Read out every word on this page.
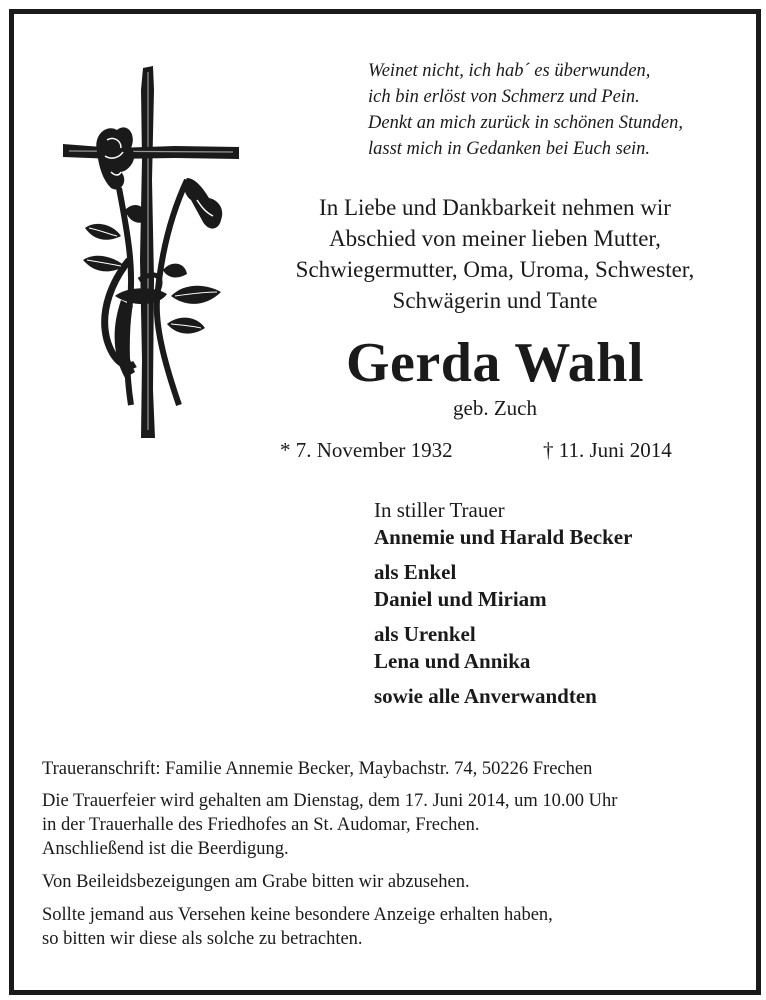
Weinet nicht, ich hab´ es überwunden,
ich bin erlöst von Schmerz und Pein.
Denkt an mich zurück in schönen Stunden,
lasst mich in Gedanken bei Euch sein.
In Liebe und Dankbarkeit nehmen wir
Abschied von meiner lieben Mutter,
Schwiegermutter, Oma, Uroma, Schwester,
Schwägerin und Tante
Gerda Wahl
geb. Zuch
* 7. November 1932	† 11. Juni 2014
In stiller Trauer
Annemie und Harald Becker
als Enkel
Daniel und Miriam
als Urenkel
Lena und Annika
sowie alle Anverwandten

Traueranschrift: Familie Annemie Becker, Maybachstr. 74, 50226 Frechen

Die Trauerfeier wird gehalten am Dienstag, dem 17. Juni 2014, um 10.00 Uhr
in der Trauerhalle des Friedhofes an St. Audomar, Frechen.
Anschließend ist die Beerdigung.

Von Beileidsbezeigungen am Grabe bitten wir abzusehen.

Sollte jemand aus Versehen keine besondere Anzeige erhalten haben,
so bitten wir diese als solche zu betrachten.
